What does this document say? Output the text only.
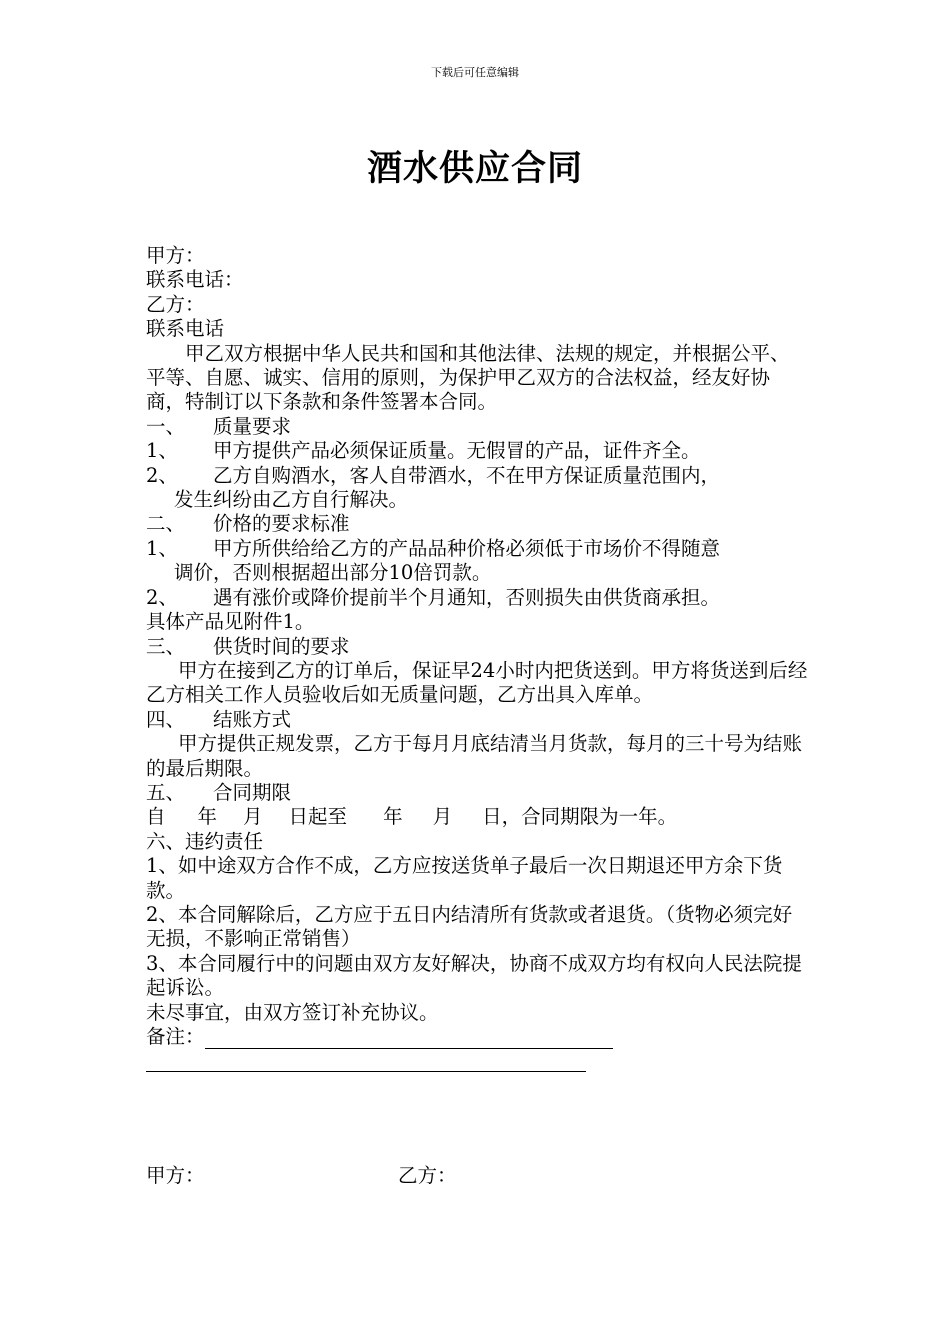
下载后可任意编辑
酒水供应合同
甲方：
联系电话：
乙方：
联系电话
甲乙双方根据中华人民共和国和其他法律、法规的规定，并根据公平、平等、自愿、诚实、信用的原则，为保护甲乙双方的合法权益，经友好协商，特制订以下条款和条件签署本合同。
一、 质量要求
1、 甲方提供产品必须保证质量。无假冒的产品，证件齐全。
2、 乙方自购酒水，客人自带酒水，不在甲方保证质量范围内，
发生纠纷由乙方自行解决。
二、 价格的要求标准
1、 甲方所供给给乙方的产品品种价格必须低于市场价不得随意
调价，否则根据超出部分10倍罚款。
2、 遇有涨价或降价提前半个月通知，否则损失由供货商承担。
具体产品见附件1。
三、 供货时间的要求
甲方在接到乙方的订单后，保证早24小时内把货送到。甲方将货送到后经乙方相关工作人员验收后如无质量问题，乙方出具入库单。
四、 结账方式
甲方提供正规发票，乙方于每月月底结清当月货款，每月的三十号为结账的最后期限。
五、 合同期限
自 年 月 日起至 年 月 日，合同期限为一年。
六、违约责任
1、如中途双方合作不成，乙方应按送货单子最后一次日期退还甲方余下货款。
2、本合同解除后，乙方应于五日内结清所有货款或者退货。（货物必须完好无损，不影响正常销售）
3、本合同履行中的问题由双方友好解决，协商不成双方均有权向人民法院提起诉讼。
未尽事宜，由双方签订补充协议。
备注：
甲方：	乙方：
